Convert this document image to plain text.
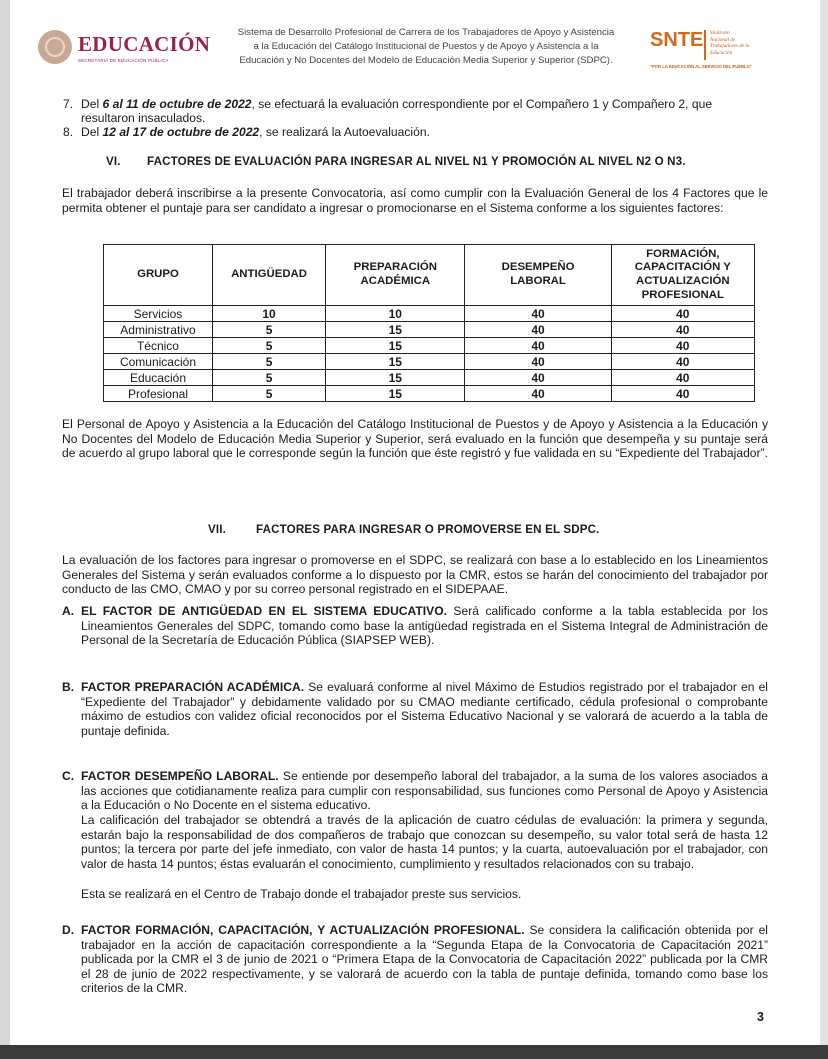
EDUCACIÓN
SECRETARÍA DE EDUCACIÓN PÚBLICA
Sistema de Desarrollo Profesional de Carrera de los Trabajadores de Apoyo y Asistencia
a la Educación del Catálogo Institucional de Puestos y de Apoyo y Asistencia a la
Educación y No Docentes del Modelo de Educación Media Superior y Superior (SDPC).
SNTE Sindicato
Nacional de
Trabajadores de la
Educación
"POR LA EDUCACIÓN AL SERVICIO DEL PUEBLO"
7. Del 6 al 11 de octubre de 2022, se efectuará la evaluación correspondiente por el Compañero 1 y Compañero 2, que
resultaron insaculados.
8. Del 12 al 17 de octubre de 2022, se realizará la Autoevaluación.
VI. FACTORES DE EVALUACIÓN PARA INGRESAR AL NIVEL N1 Y PROMOCIÓN AL NIVEL N2 O N3.
El trabajador deberá inscribirse a la presente Convocatoria, así como cumplir con la Evaluación General de los 4 Factores que le permita obtener el puntaje para ser candidato a ingresar o promocionarse en el Sistema conforme a los siguientes factores:
GRUPO	ANTIGÜEDAD	PREPARACIÓN ACADÉMICA	DESEMPEÑO LABORAL	FORMACIÓN, CAPACITACIÓN Y ACTUALIZACIÓN PROFESIONAL
Servicios	10	10	40	40
Administrativo	5	15	40	40
Técnico	5	15	40	40
Comunicación	5	15	40	40
Educación	5	15	40	40
Profesional	5	15	40	40
El Personal de Apoyo y Asistencia a la Educación del Catálogo Institucional de Puestos y de Apoyo y Asistencia a la Educación y No Docentes del Modelo de Educación Media Superior y Superior, será evaluado en la función que desempeña y su puntaje será de acuerdo al grupo laboral que le corresponde según la función que éste registró y fue validada en su “Expediente del Trabajador”.
VII.	FACTORES PARA INGRESAR O PROMOVERSE EN EL SDPC.
La evaluación de los factores para ingresar o promoverse en el SDPC, se realizará con base a lo establecido en los Lineamientos Generales del Sistema y serán evaluados conforme a lo dispuesto por la CMR, estos se harán del conocimiento del trabajador por conducto de las CMO, CMAO y por su correo personal registrado en el SIDEPAAE.
A. EL FACTOR DE ANTIGÜEDAD EN EL SISTEMA EDUCATIVO. Será calificado conforme a la tabla establecida por los Lineamientos Generales del SDPC, tomando como base la antigüedad registrada en el Sistema Integral de Administración de Personal de la Secretaría de Educación Pública (SIAPSEP WEB).
B. FACTOR PREPARACIÓN ACADÉMICA. Se evaluará conforme al nivel Máximo de Estudios registrado por el trabajador en el “Expediente del Trabajador” y debidamente validado por su CMAO mediante certificado, cédula profesional o comprobante máximo de estudios con validez oficial reconocidos por el Sistema Educativo Nacional y se valorará de acuerdo a la tabla de puntaje definida.
C. FACTOR DESEMPEÑO LABORAL. Se entiende por desempeño laboral del trabajador, a la suma de los valores asociados a las acciones que cotidianamente realiza para cumplir con responsabilidad, sus funciones como Personal de Apoyo y Asistencia a la Educación o No Docente en el sistema educativo.
La calificación del trabajador se obtendrá a través de la aplicación de cuatro cédulas de evaluación: la primera y segunda, estarán bajo la responsabilidad de dos compañeros de trabajo que conozcan su desempeño, su valor total será de hasta 12 puntos; la tercera por parte del jefe inmediato, con valor de hasta 14 puntos; y la cuarta, autoevaluación por el trabajador, con valor de hasta 14 puntos; éstas evaluarán el conocimiento, cumplimiento y resultados relacionados con su trabajo.
Esta se realizará en el Centro de Trabajo donde el trabajador preste sus servicios.
D. FACTOR FORMACIÓN, CAPACITACIÓN, Y ACTUALIZACIÓN PROFESIONAL. Se considera la calificación obtenida por el trabajador en la acción de capacitación correspondiente a la “Segunda Etapa de la Convocatoria de Capacitación 2021” publicada por la CMR el 3 de junio de 2021 o “Primera Etapa de la Convocatoria de Capacitación 2022” publicada por la CMR el 28 de junio de 2022 respectivamente, y se valorará de acuerdo con la tabla de puntaje definida, tomando como base los criterios de la CMR.
3
